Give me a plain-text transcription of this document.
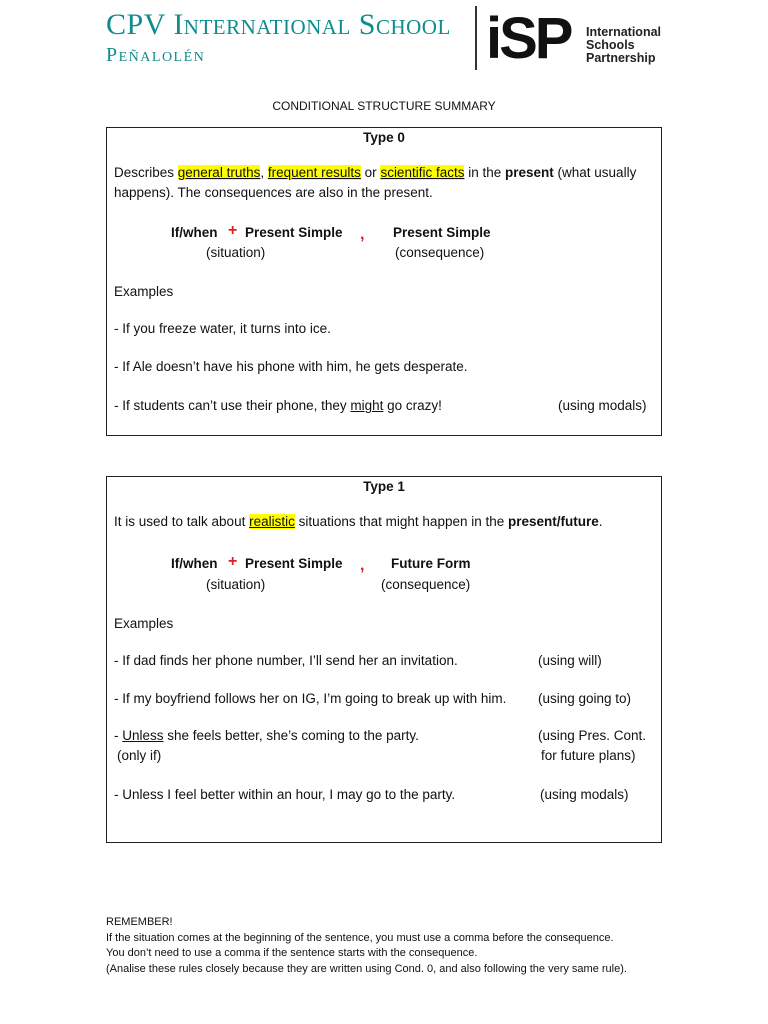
CPV International School
Peñalolén	iSP International
Schools
Partnership
CONDITIONAL STRUCTURE SUMMARY
Type 0
Describes general truths, frequent results or scientific facts in the present (what usually
happens). The consequences are also in the present.
If/when + Present Simple , Present Simple
(situation)	(consequence)
Examples
- If you freeze water, it turns into ice.
- If Ale doesn’t have his phone with him, he gets desperate.
- If students can’t use their phone, they might go crazy!	(using modals)
Type 1
It is used to talk about realistic situations that might happen in the present/future.
If/when + Present Simple , Future Form
(situation)	(consequence)
Examples
- If dad finds her phone number, I’ll send her an invitation.	(using will)
- If my boyfriend follows her on IG, I’m going to break up with him. (using going to)
- Unless she feels better, she’s coming to the party.	(using Pres. Cont.
(only if)	for future plans)
- Unless I feel better within an hour, I may go to the party.	(using modals)
REMEMBER!
If the situation comes at the beginning of the sentence, you must use a comma before the consequence.
You don’t need to use a comma if the sentence starts with the consequence.
(Analise these rules closely because they are written using Cond. 0, and also following the very same rule).
